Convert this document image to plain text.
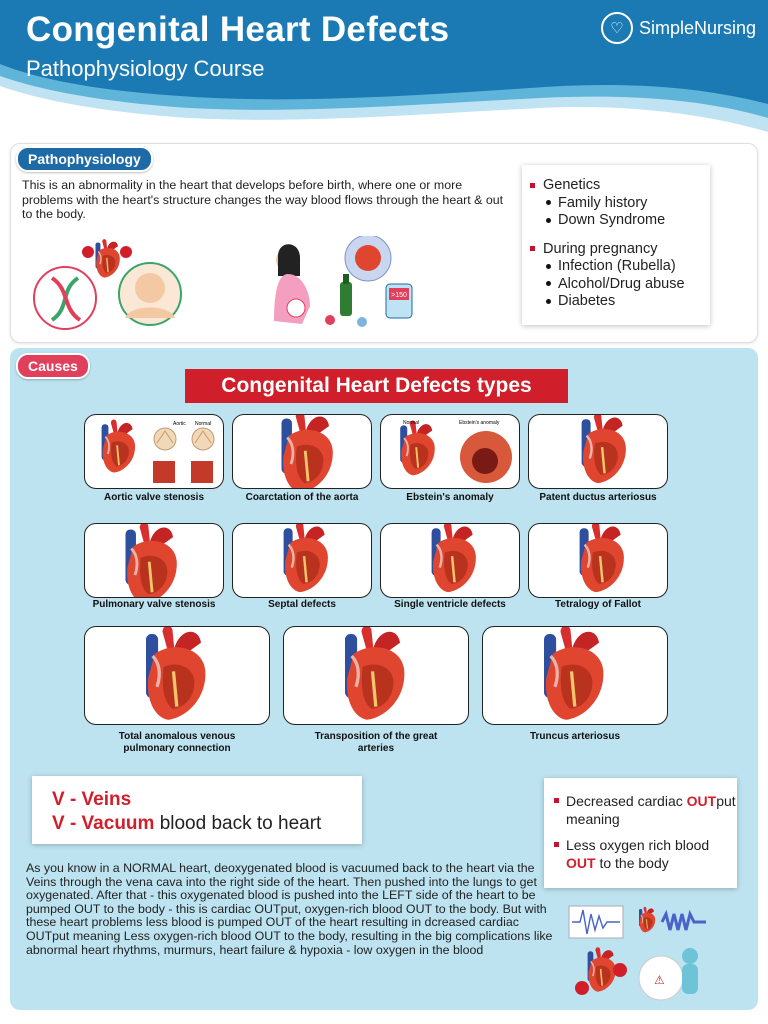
Congenital Heart Defects
Pathophysiology Course
♡ SimpleNursing
Pathophysiology

This is an abnormality in the heart that develops before birth, where one or more problems with the heart's structure changes the way blood flows through the heart & out to the body.

>150
Genetics
Family history
Down Syndrome
During pregnancy
Infection (Rubella)
Alcohol/Drug abuse
Diabetes
Causes
Congenital Heart Defects types
Aortic Normal
Aortic valve stenosis	Coarctation of the aorta
Normal	Ebstein's anomaly
Ebstein's anomaly	Patent ductus arteriosus
Pulmonary valve stenosis	Septal defects	Single ventricle defects	Tetralogy of Fallot
Total anomalous venous pulmonary connection
Transposition of the great arteries
Truncus arteriosus
V - Veins
V - Vacuum blood back to heart

Decreased cardiac OUTput meaning

Less oxygen rich blood OUT to the body

As you know in a NORMAL heart, deoxygenated blood is vacuumed back to the heart via the Veins through the vena cava into the right side of the heart. Then pushed into the lungs to get oxygenated. After that - this oxygenated blood is pushed into the LEFT side of the heart to be pumped OUT to the body - this is cardiac OUTput, oxygen-rich blood OUT to the body. But with these heart problems less blood is pumped OUT of the heart resulting in dcreased cardiac OUTput meaning Less oxygen-rich blood OUT to the body, resulting in the big complications like abnormal heart rhythms, murmurs, heart failure & hypoxia - low oxygen in the blood

⚠
